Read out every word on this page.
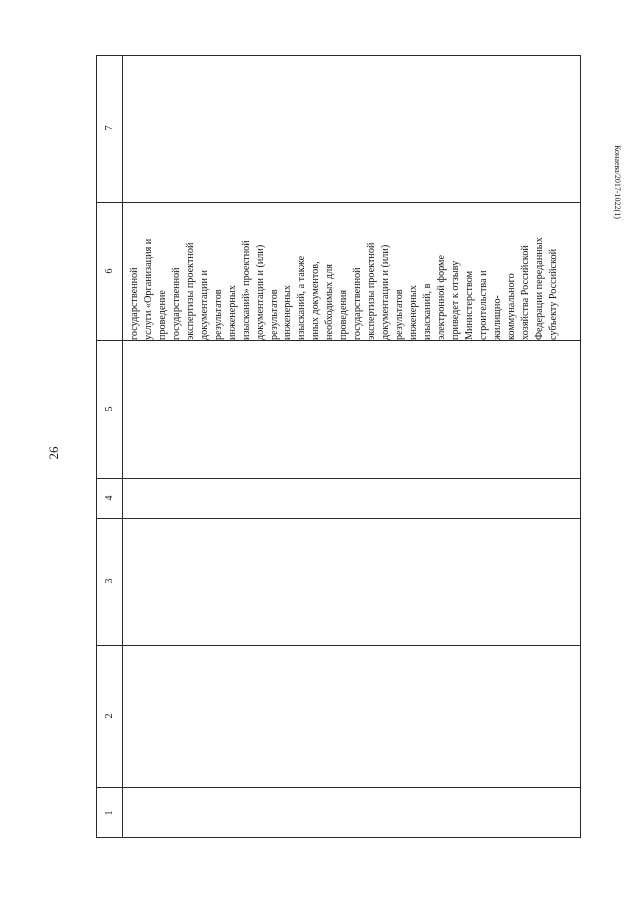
26
Конаева/2017-1022(1)
7
6
5
4
3
2
1
государственной услуги «Организация и проведение государственной экспертизы проектной документации и результатов инженерных изысканий» проектной документации и (или) результатов инженерных изысканий, а также иных документов, необходимых для проведения государственной экспертизы проектной документации и (или) результатов инженерных изысканий, в электронной форме приведет к отзыву Министерством строительства и жилищно- коммунального хозяйства Российской Федерации переданных субъекту Российской
